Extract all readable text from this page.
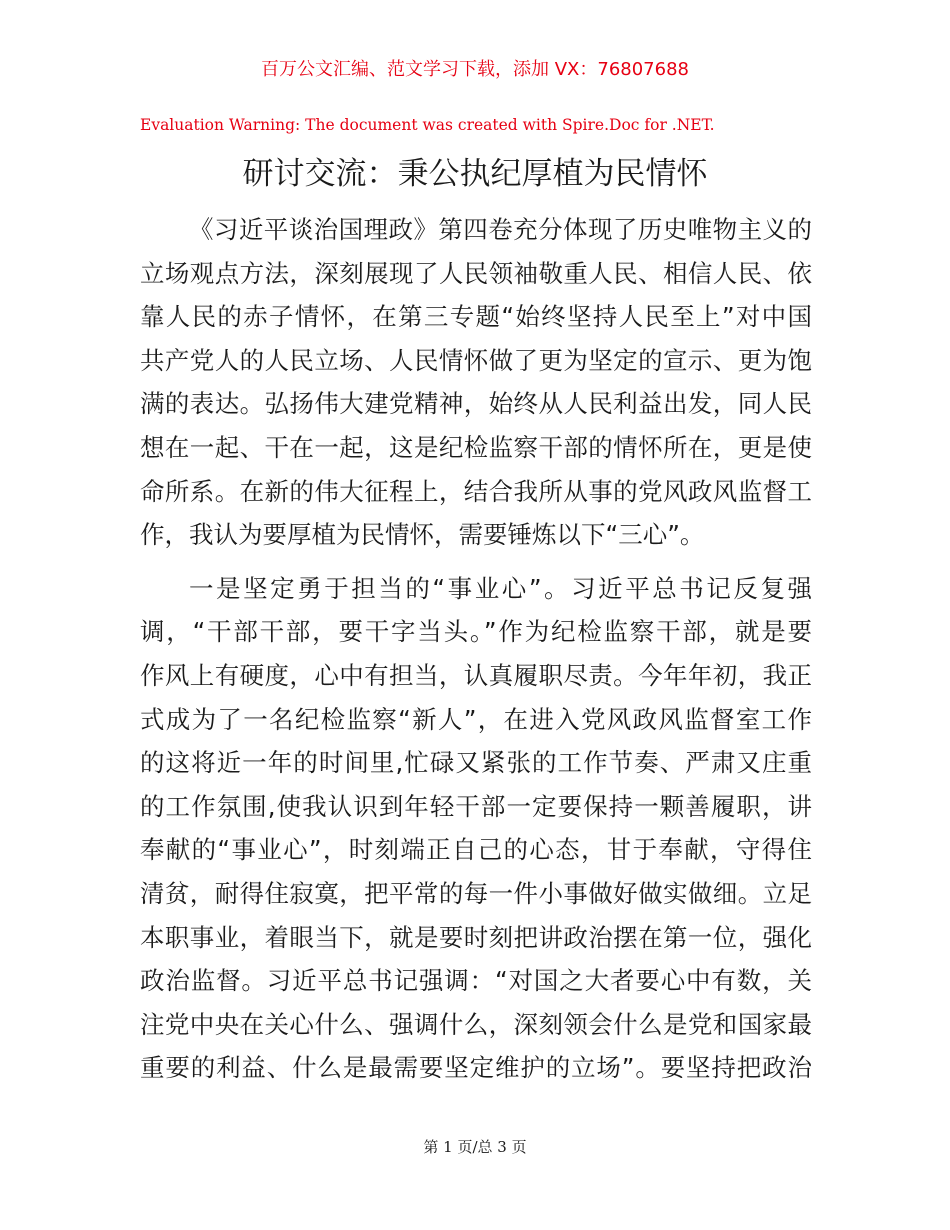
百万公文汇编、范文学习下载，添加 VX：76807688
Evaluation Warning: The document was created with Spire.Doc for .NET.
研讨交流：秉公执纪厚植为民情怀

《习近平谈治国理政》第四卷充分体现了历史唯物主义的
立场观点方法，深刻展现了人民领袖敬重人民、相信人民、依
靠人民的赤子情怀，在第三专题“始终坚持人民至上”对中国
共产党人的人民立场、人民情怀做了更为坚定的宣示、更为饱
满的表达。弘扬伟大建党精神，始终从人民利益出发，同人民
想在一起、干在一起，这是纪检监察干部的情怀所在，更是使
命所系。在新的伟大征程上，结合我所从事的党风政风监督工
作，我认为要厚植为民情怀，需要锤炼以下“三心”。

一是坚定勇于担当的“事业心”。习近平总书记反复强
调，“干部干部，要干字当头。”作为纪检监察干部，就是要
作风上有硬度，心中有担当，认真履职尽责。今年年初，我正
式成为了一名纪检监察“新人”，在进入党风政风监督室工作
的这将近一年的时间里,忙碌又紧张的工作节奏、严肃又庄重
的工作氛围,使我认识到年轻干部一定要保持一颗善履职，讲
奉献的“事业心”，时刻端正自己的心态，甘于奉献，守得住
清贫，耐得住寂寞，把平常的每一件小事做好做实做细。立足
本职事业，着眼当下，就是要时刻把讲政治摆在第一位，强化
政治监督。习近平总书记强调：“对国之大者要心中有数，关
注党中央在关心什么、强调什么，深刻领会什么是党和国家最
重要的利益、什么是最需要坚定维护的立场”。要坚持把政治

第 1 页/总 3 页
